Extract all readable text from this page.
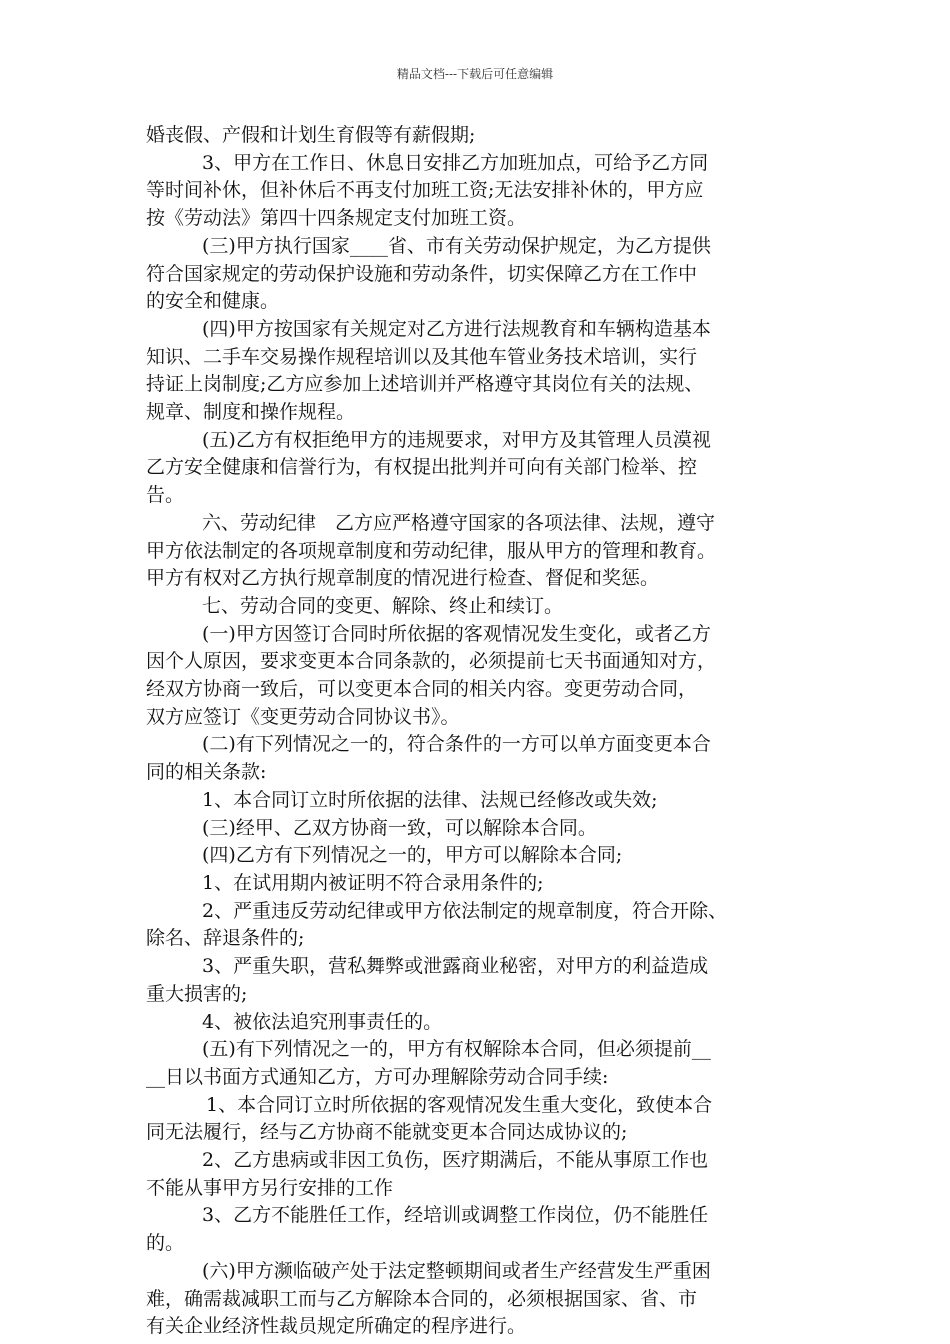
精品文档---下载后可任意编辑

婚丧假、产假和计划生育假等有薪假期;

3、甲方在工作日、休息日安排乙方加班加点，可给予乙方同

等时间补休，但补休后不再支付加班工资;无法安排补休的，甲方应

按《劳动法》第四十四条规定支付加班工资。

(三)甲方执行国家____省、市有关劳动保护规定，为乙方提供

符合国家规定的劳动保护设施和劳动条件，切实保障乙方在工作中

的安全和健康。

(四)甲方按国家有关规定对乙方进行法规教育和车辆构造基本

知识、二手车交易操作规程培训以及其他车管业务技术培训，实行

持证上岗制度;乙方应参加上述培训并严格遵守其岗位有关的法规、

规章、制度和操作规程。

(五)乙方有权拒绝甲方的违规要求，对甲方及其管理人员漠视

乙方安全健康和信誉行为，有权提出批判并可向有关部门检举、控

告。

六、劳动纪律　乙方应严格遵守国家的各项法律、法规，遵守

甲方依法制定的各项规章制度和劳动纪律，服从甲方的管理和教育。

甲方有权对乙方执行规章制度的情况进行检查、督促和奖惩。

七、劳动合同的变更、解除、终止和续订。

(一)甲方因签订合同时所依据的客观情况发生变化，或者乙方

因个人原因，要求变更本合同条款的，必须提前七天书面通知对方，

经双方协商一致后，可以变更本合同的相关内容。变更劳动合同，

双方应签订《变更劳动合同协议书》。

(二)有下列情况之一的，符合条件的一方可以单方面变更本合

同的相关条款:

1、本合同订立时所依据的法律、法规已经修改或失效;

(三)经甲、乙双方协商一致，可以解除本合同。

(四)乙方有下列情况之一的，甲方可以解除本合同;

1、在试用期内被证明不符合录用条件的;

2、严重违反劳动纪律或甲方依法制定的规章制度，符合开除、

除名、辞退条件的;

3、严重失职，营私舞弊或泄露商业秘密，对甲方的利益造成

重大损害的;

4、被依法追究刑事责任的。

(五)有下列情况之一的，甲方有权解除本合同，但必须提前__

__日以书面方式通知乙方，方可办理解除劳动合同手续:

1、本合同订立时所依据的客观情况发生重大变化，致使本合

同无法履行，经与乙方协商不能就变更本合同达成协议的;

2、乙方患病或非因工负伤，医疗期满后，不能从事原工作也

不能从事甲方另行安排的工作

3、乙方不能胜任工作，经培训或调整工作岗位，仍不能胜任

的。

(六)甲方濒临破产处于法定整顿期间或者生产经营发生严重困

难，确需裁减职工而与乙方解除本合同的，必须根据国家、省、市

有关企业经济性裁员规定所确定的程序进行。
